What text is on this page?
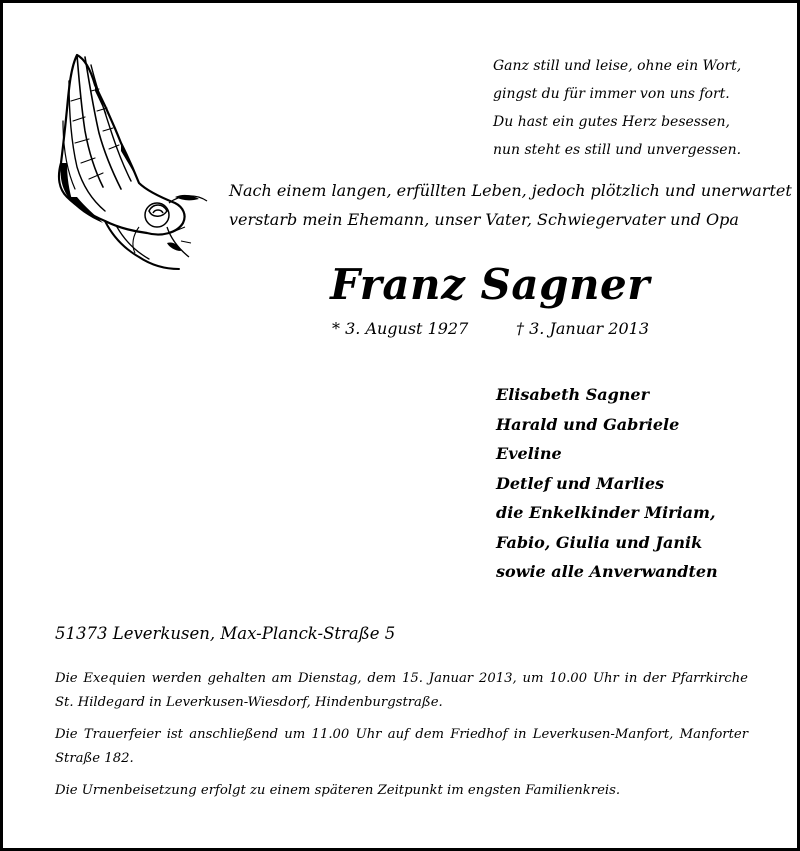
Ganz still und leise, ohne ein Wort,
gingst du für immer von uns fort.
Du hast ein gutes Herz besessen,
nun steht es still und unvergessen.
Nach einem langen, erfüllten Leben, jedoch plötzlich und unerwartet
verstarb mein Ehemann, unser Vater, Schwiegervater und Opa
Franz Sagner
* 3. August 1927	† 3. Januar 2013
Elisabeth Sagner
Harald und Gabriele
Eveline
Detlef und Marlies
die Enkelkinder Miriam,
Fabio, Giulia und Janik
sowie alle Anverwandten
51373 Leverkusen, Max-Planck-Straße 5
Die Exequien werden gehalten am Dienstag, dem 15. Januar 2013, um 10.00 Uhr in der Pfarrkirche
St. Hildegard in Leverkusen-Wiesdorf, Hindenburgstraße.
Die Trauerfeier ist anschließend um 11.00 Uhr auf dem Friedhof in Leverkusen-Manfort, Manforter
Straße 182.
Die Urnenbeisetzung erfolgt zu einem späteren Zeitpunkt im engsten Familienkreis.
